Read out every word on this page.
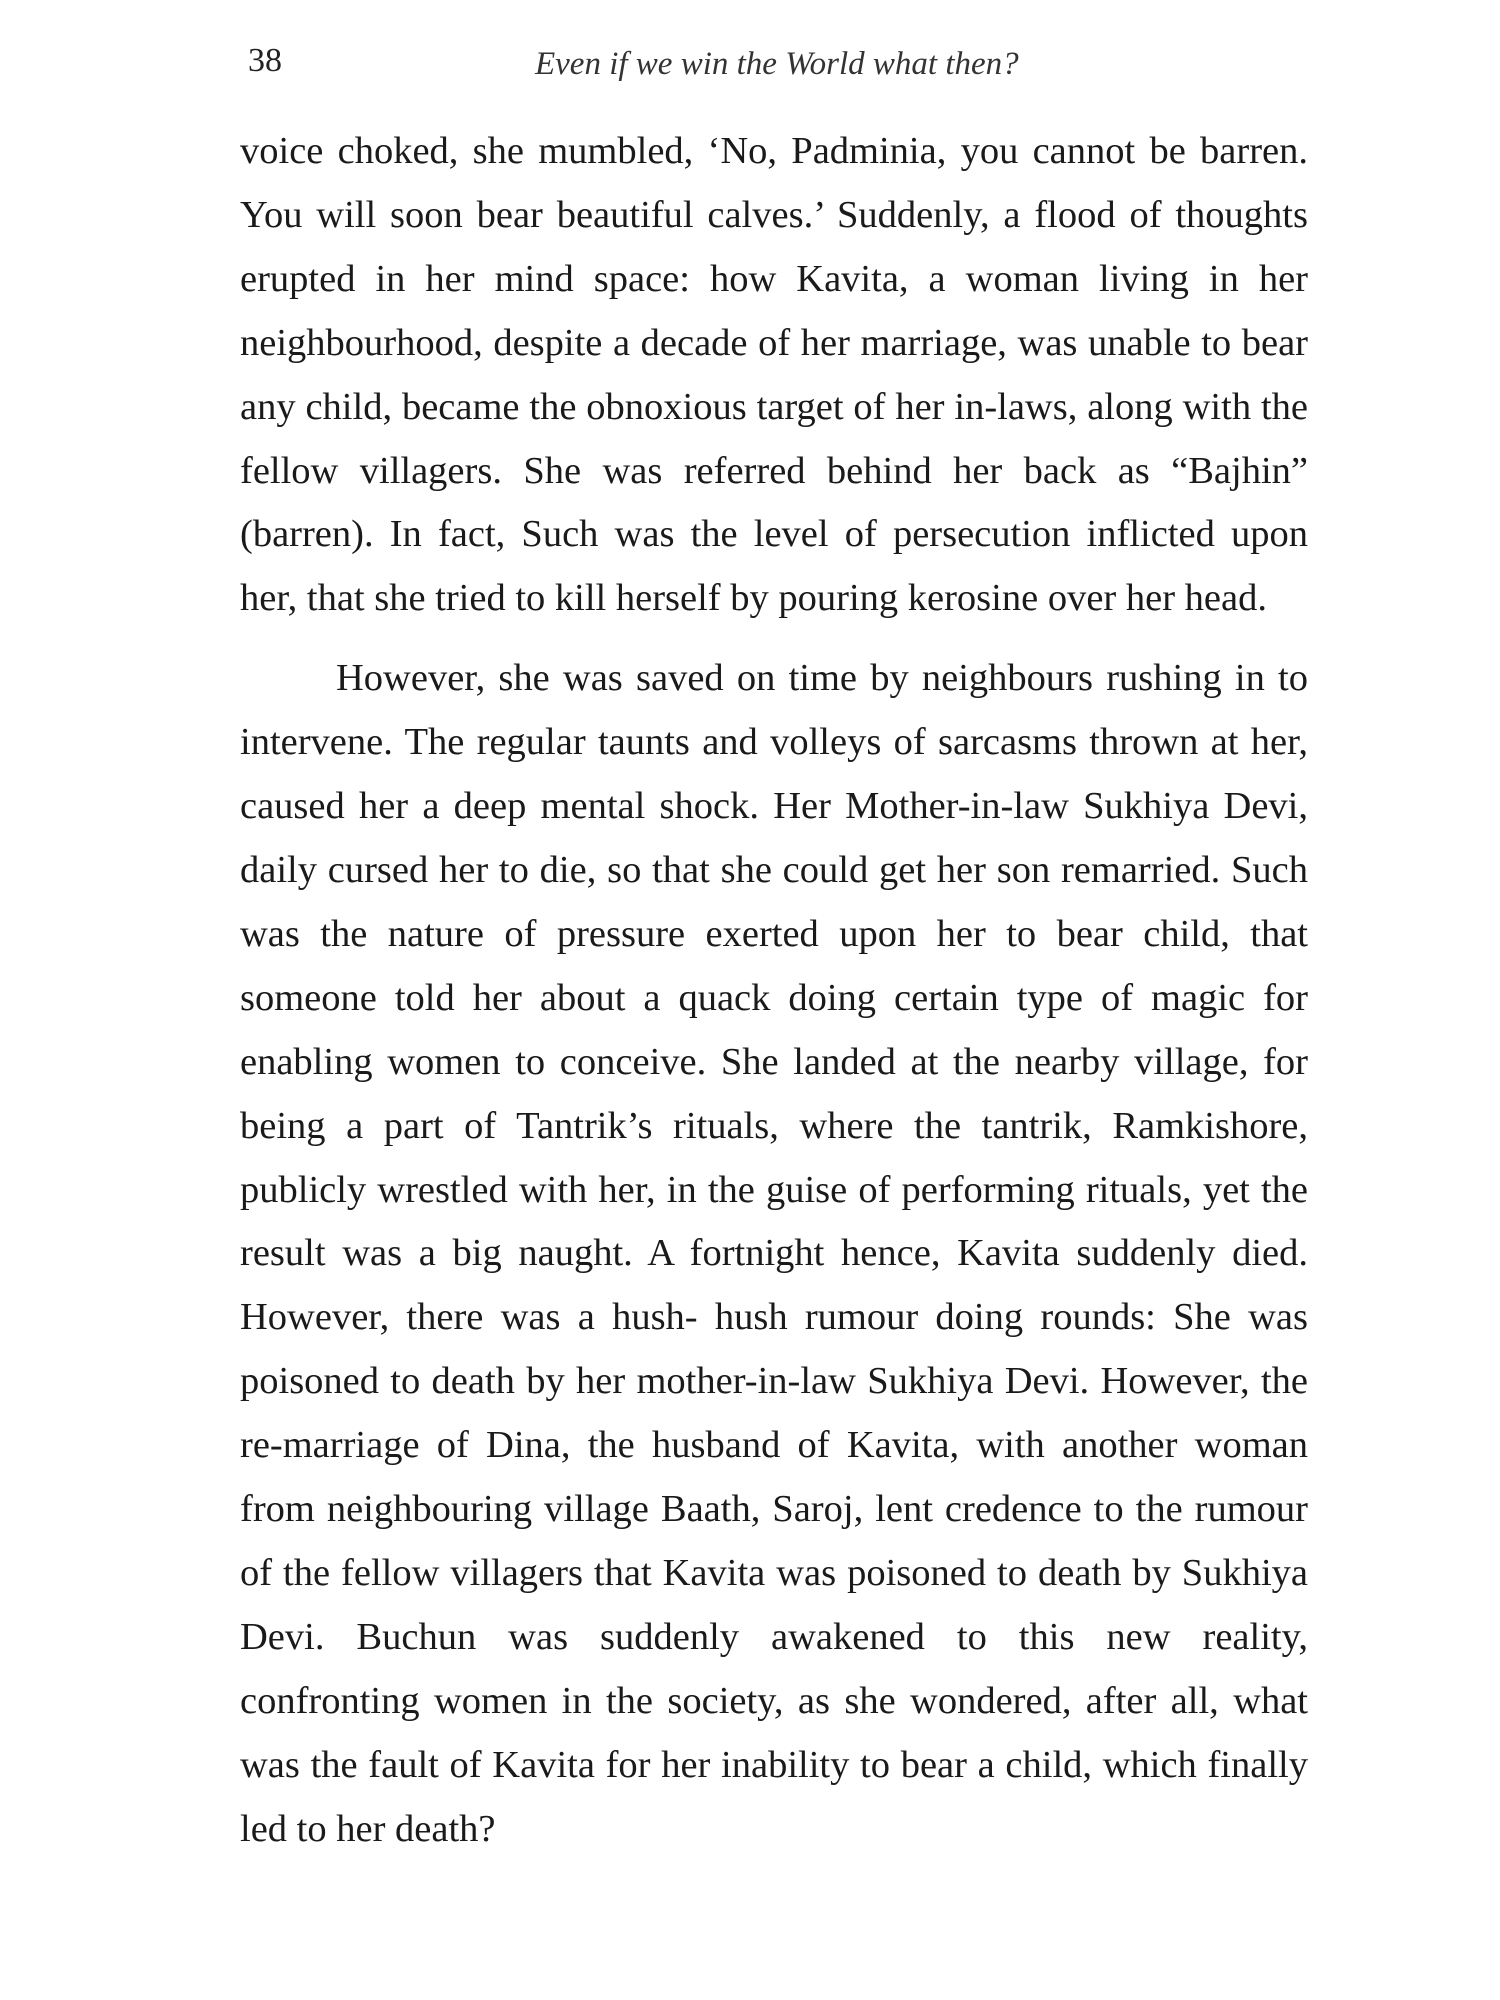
38	Even if we win the World what then?

voice choked, she mumbled, ‘No, Padminia, you cannot be barren. You will soon bear beautiful calves.’ Suddenly, a flood of thoughts erupted in her mind space: how Kavita, a woman living in her neighbourhood, despite a decade of her marriage, was unable to bear any child, became the obnoxious target of her in-laws, along with the fellow villagers. She was referred behind her back as “Bajhin” (barren). In fact, Such was the level of persecution inflicted upon her, that she tried to kill herself by pouring kerosine over her head.

However, she was saved on time by neighbours rushing in to intervene. The regular taunts and volleys of sarcasms thrown at her, caused her a deep mental shock. Her Mother-in-law Sukhiya Devi, daily cursed her to die, so that she could get her son remarried. Such was the nature of pressure exerted upon her to bear child, that someone told her about a quack doing certain type of magic for enabling women to conceive. She landed at the nearby village, for being a part of Tantrik’s rituals, where the tantrik, Ramkishore, publicly wrestled with her, in the guise of performing rituals, yet the result was a big naught. A fortnight hence, Kavita suddenly died. However, there was a hush- hush rumour doing rounds: She was poisoned to death by her mother-in-law Sukhiya Devi. However, the re-marriage of Dina, the husband of Kavita, with another woman from neighbouring village Baath, Saroj, lent credence to the rumour of the fellow villagers that Kavita was poisoned to death by Sukhiya Devi. Buchun was suddenly awakened to this new reality, confronting women in the society, as she wondered, after all, what was the fault of Kavita for her inability to bear a child, which finally led to her death?
